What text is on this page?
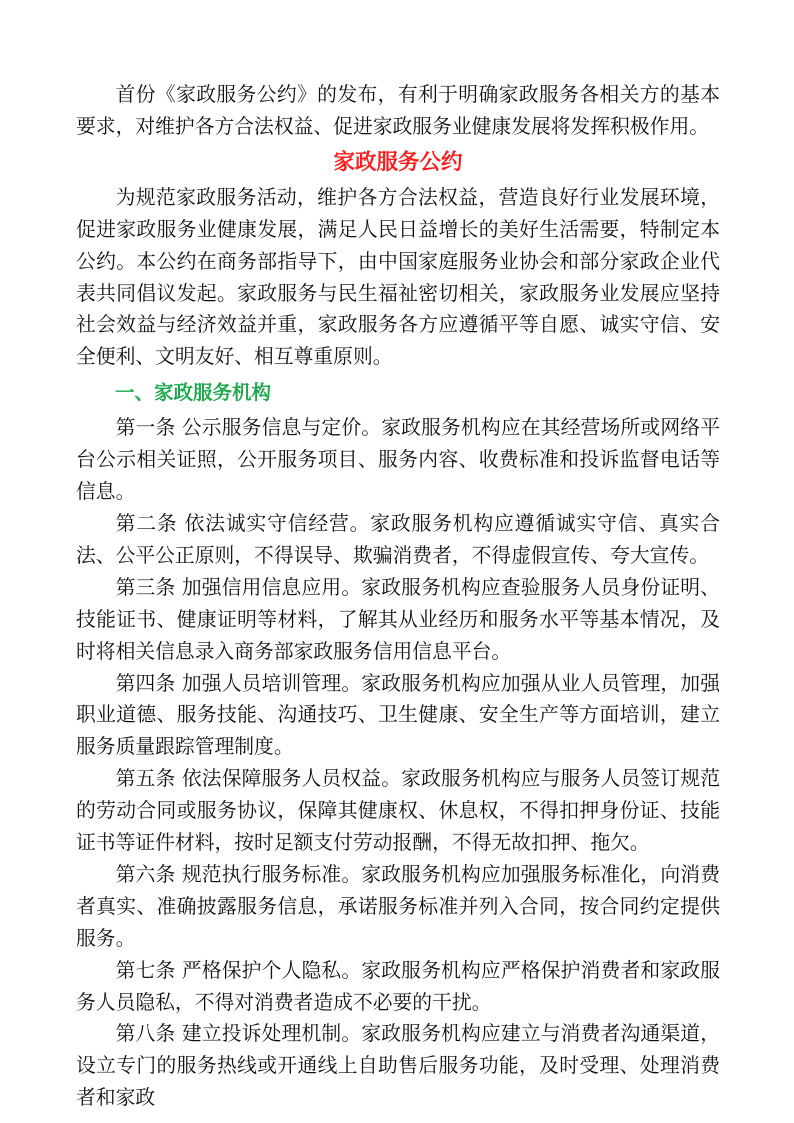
首份《家政服务公约》的发布，有利于明确家政服务各相关方的基本要求，对维护各方合法权益、促进家政服务业健康发展将发挥积极作用。

家政服务公约

为规范家政服务活动，维护各方合法权益，营造良好行业发展环境，促进家政服务业健康发展，满足人民日益增长的美好生活需要，特制定本公约。本公约在商务部指导下，由中国家庭服务业协会和部分家政企业代表共同倡议发起。家政服务与民生福祉密切相关，家政服务业发展应坚持社会效益与经济效益并重，家政服务各方应遵循平等自愿、诚实守信、安全便利、文明友好、相互尊重原则。

一、家政服务机构

第一条 公示服务信息与定价。家政服务机构应在其经营场所或网络平台公示相关证照，公开服务项目、服务内容、收费标准和投诉监督电话等信息。

第二条 依法诚实守信经营。家政服务机构应遵循诚实守信、真实合法、公平公正原则，不得误导、欺骗消费者，不得虚假宣传、夸大宣传。

第三条 加强信用信息应用。家政服务机构应查验服务人员身份证明、技能证书、健康证明等材料，了解其从业经历和服务水平等基本情况，及时将相关信息录入商务部家政服务信用信息平台。

第四条 加强人员培训管理。家政服务机构应加强从业人员管理，加强职业道德、服务技能、沟通技巧、卫生健康、安全生产等方面培训，建立服务质量跟踪管理制度。

第五条 依法保障服务人员权益。家政服务机构应与服务人员签订规范的劳动合同或服务协议，保障其健康权、休息权，不得扣押身份证、技能证书等证件材料，按时足额支付劳动报酬，不得无故扣押、拖欠。

第六条 规范执行服务标准。家政服务机构应加强服务标准化，向消费者真实、准确披露服务信息，承诺服务标准并列入合同，按合同约定提供服务。

第七条 严格保护个人隐私。家政服务机构应严格保护消费者和家政服务人员隐私，不得对消费者造成不必要的干扰。

第八条 建立投诉处理机制。家政服务机构应建立与消费者沟通渠道，设立专门的服务热线或开通线上自助售后服务功能，及时受理、处理消费者和家政
